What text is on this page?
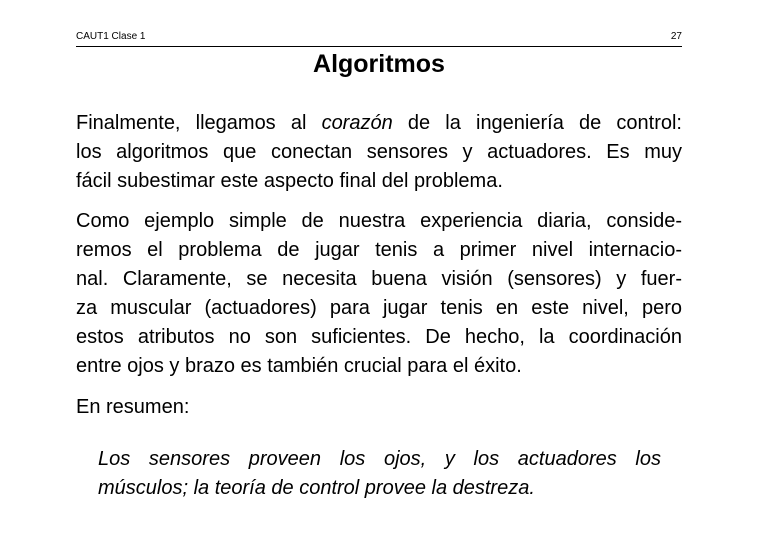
CAUT1 Clase 1	27
Algoritmos

Finalmente, llegamos al corazón de la ingeniería de control:
los algoritmos que conectan sensores y actuadores. Es muy
fácil subestimar este aspecto final del problema.

Como ejemplo simple de nuestra experiencia diaria, conside-
remos el problema de jugar tenis a primer nivel internacio-
nal. Claramente, se necesita buena visión (sensores) y fuer-
za muscular (actuadores) para jugar tenis en este nivel, pero
estos atributos no son suficientes. De hecho, la coordinación
entre ojos y brazo es también crucial para el éxito.

En resumen:

Los sensores proveen los ojos, y los actuadores los
músculos; la teoría de control provee la destreza.
